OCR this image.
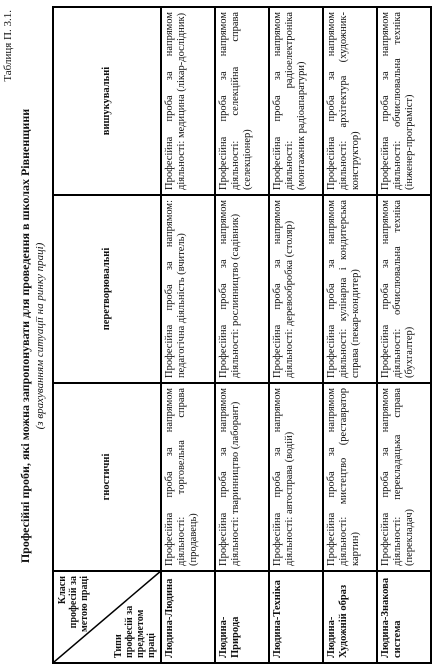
Таблиця П. 3.1.
Професійні проби, які можна запропонувати для проведення в школах Рівненщини (з врахуванням ситуації на ринку праці)
Класи професій за метою праці
Типи професій за предметом праці	гностичні	перетворювальні	вишукувальні
Людина-Людина	Професійна проба за напрямом діяльності: торговельна справа (продавець)	Професійна проба за напрямом: педагогічна діяльність (вчитель)	Професійна проба за напрямом діяльності: медицина (лікар-дослідник)
Людина-Природа	Професійна проба за напрямом діяльності: тваринництво (лаборант)	Професійна проба за напрямом діяльності: рослинництво (садівник)	Професійна проба за напрямом діяльності: селекційна справа (селекціонер)
Людина-Техніка	Професійна проба за напрямом діяльності: автосправа (водій)	Професійна проба за напрямом діяльності: деревообробка (столяр)	Професійна проба за напрямом діяльності: радіоелектроніка (монтажник радіоапаратури)
Людина-Художній образ	Професійна проба за напрямом діяльності: мистецтво (реставратор картин)	Професійна проба за напрямом діяльності: кулінарна і кондитерська справа (пекар-кондитер)	Професійна проба за напрямом діяльності: архітектура (художник-конструктор)
Людина-Знакова система	Професійна проба за напрямом діяльності: перекладацька справа (перекладач)	Професійна проба за напрямом діяльності: обчислювальна техніка (бухгалтер)	Професійна проба за напрямом діяльності: обчислювальна техніка (інженер-програміст)
